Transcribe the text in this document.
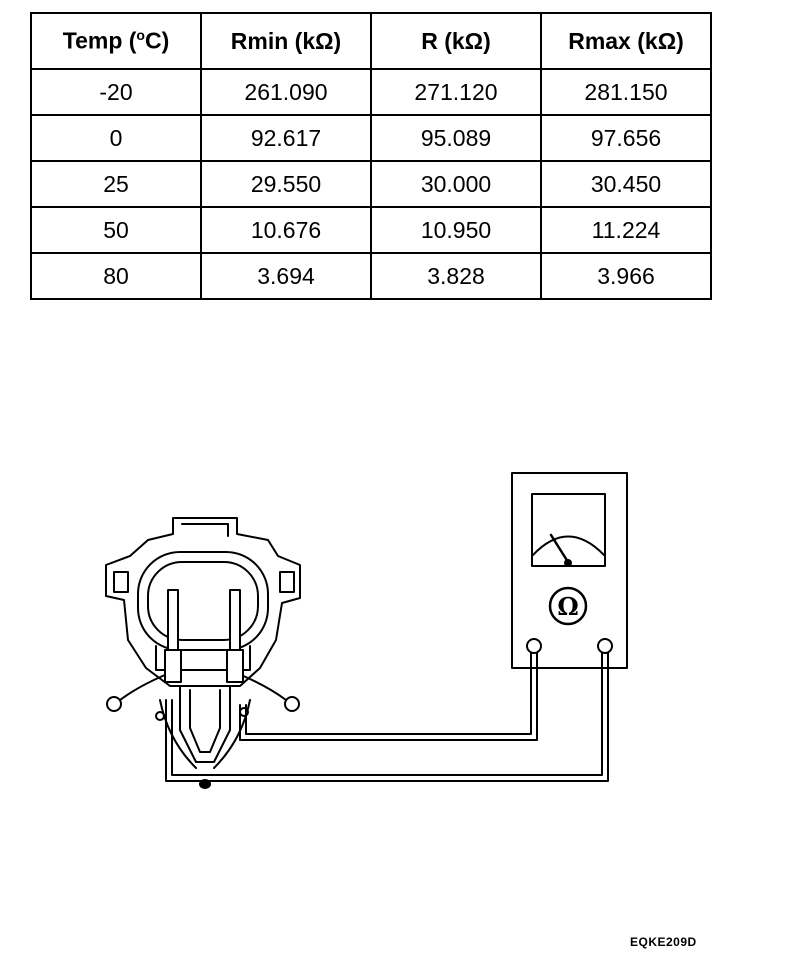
Temp ($^o$C)	Rmin (kΩ)	R (kΩ)	Rmax (kΩ)
-20	261.090	271.120	281.150
0	92.617	95.089	97.656
25	29.550	30.000	30.450
50	10.676	10.950	11.224
80	3.694	3.828	3.966
Ω
EQKE209D
